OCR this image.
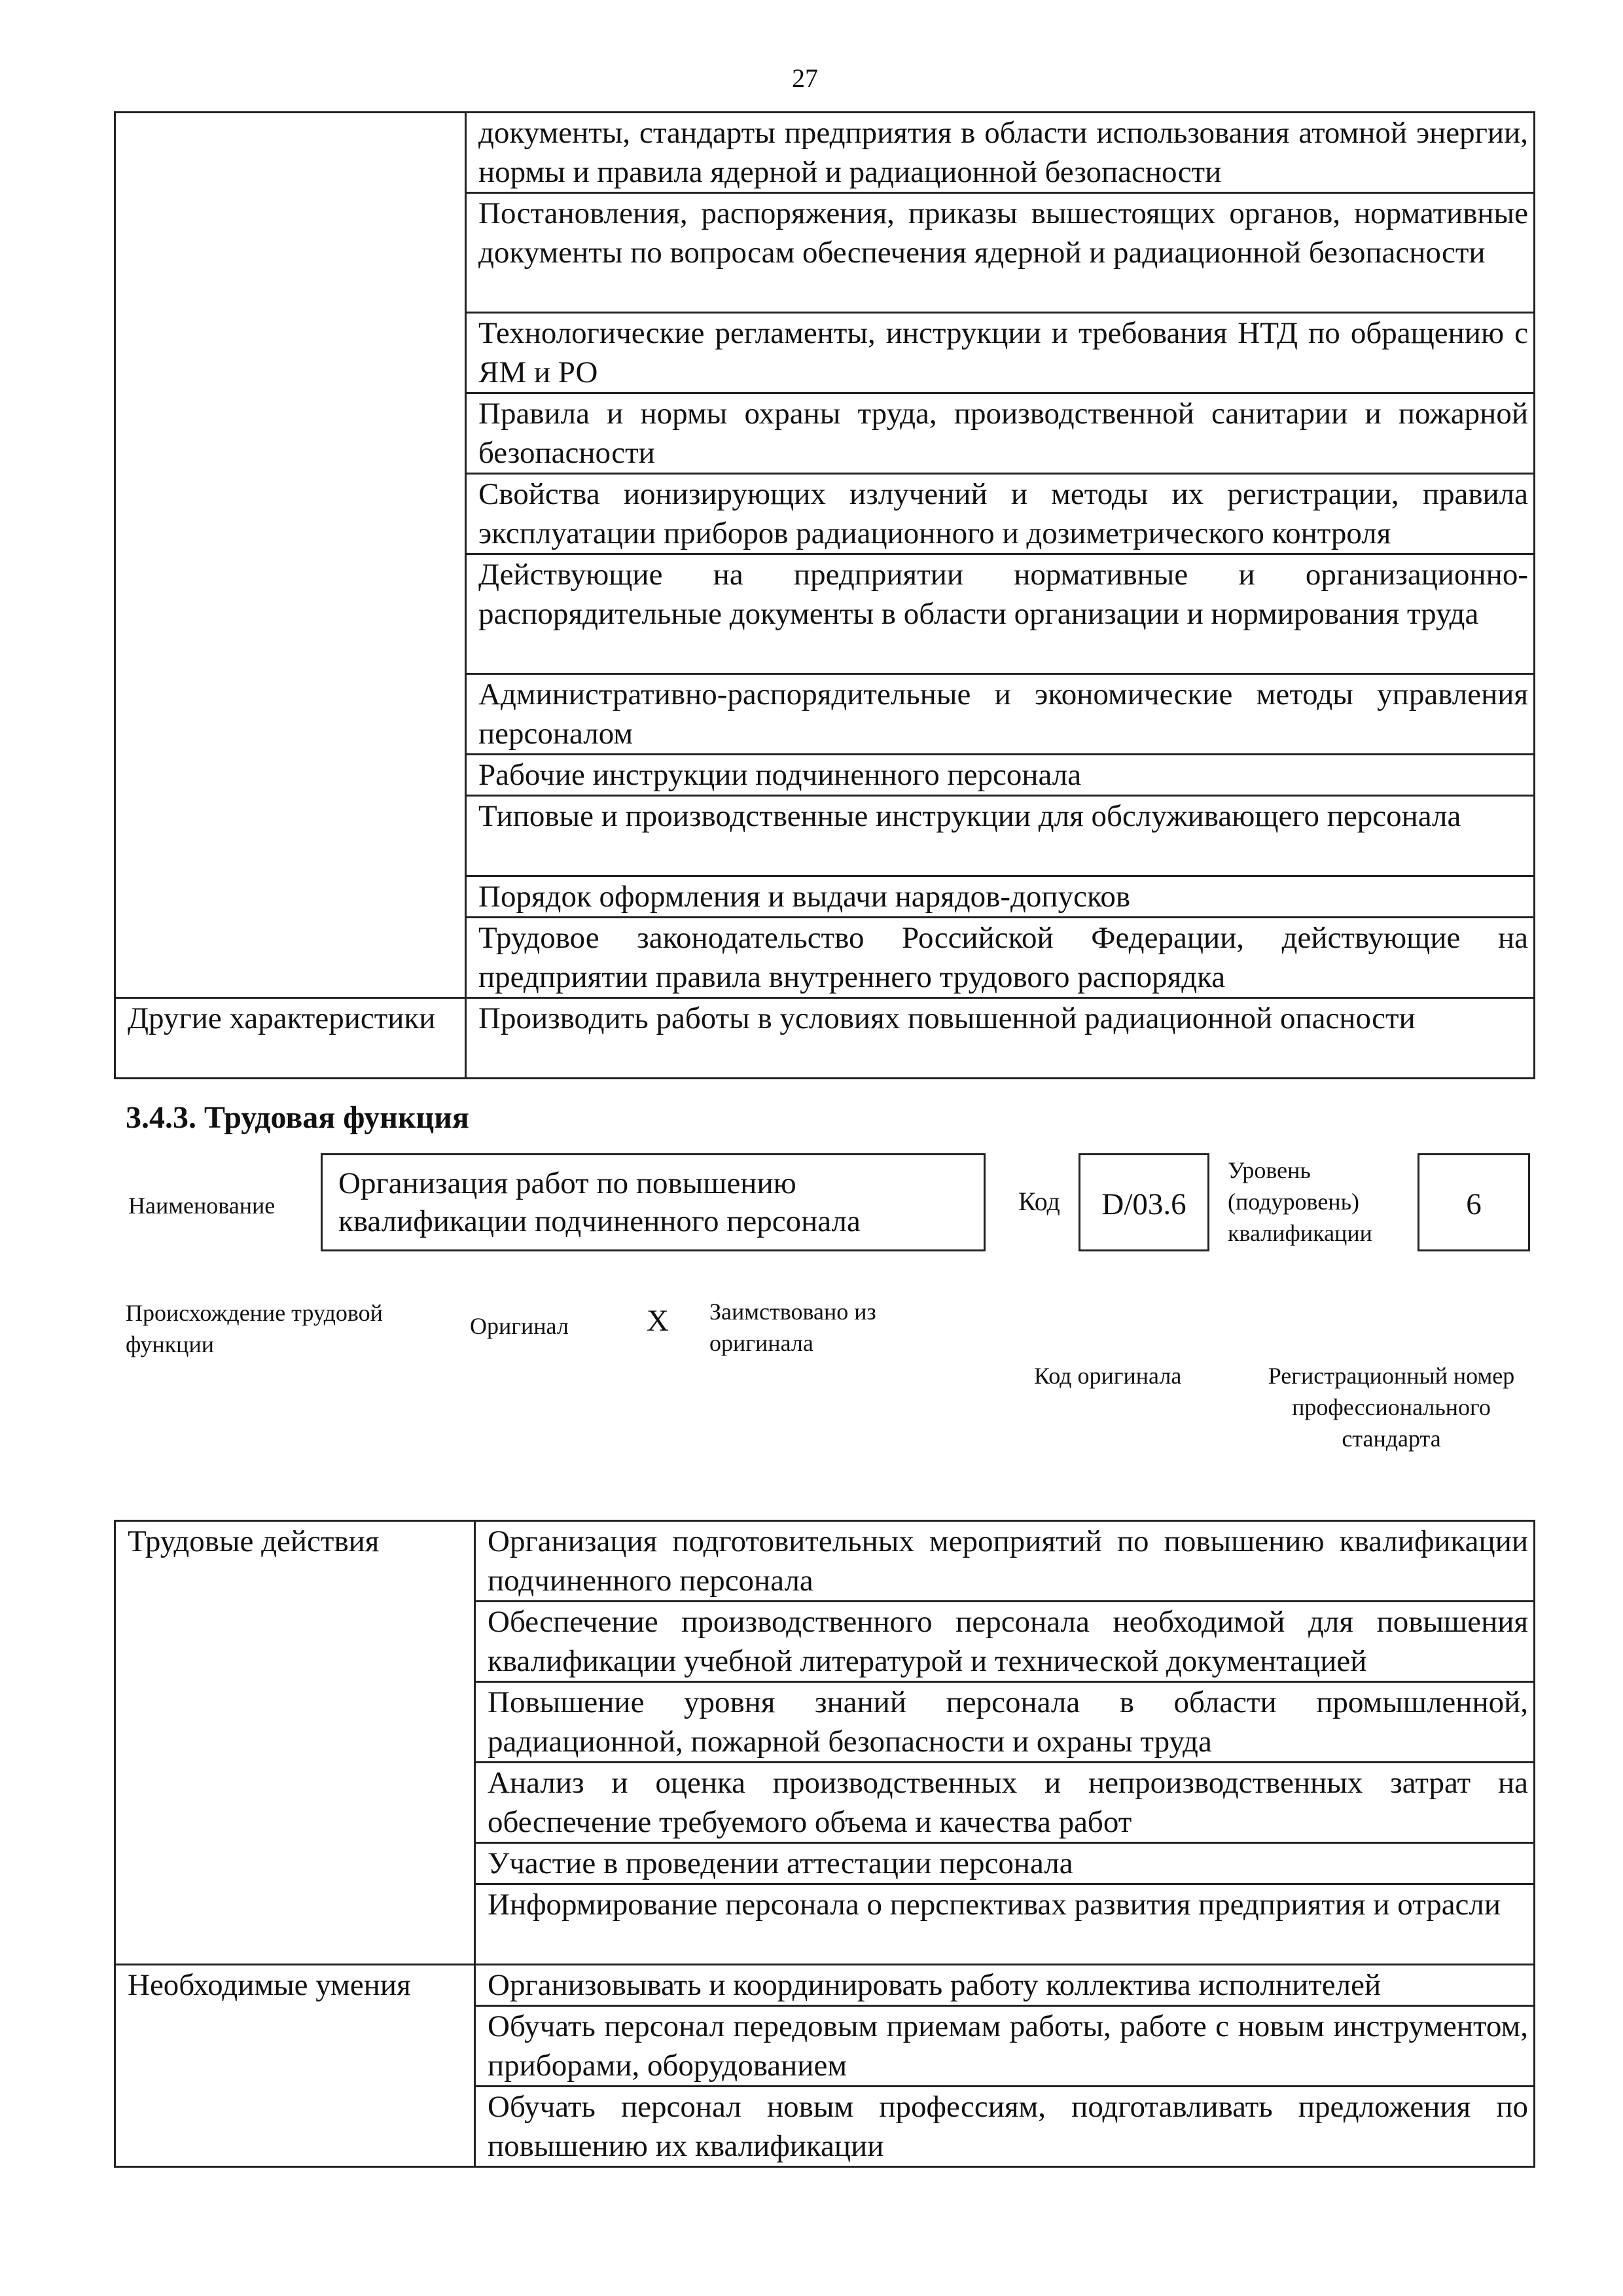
27

	документы, стандарты предприятия в области использования атомной энергии, нормы и правила ядерной и радиационной безопасности

	Постановления, распоряжения, приказы вышестоящих органов, нормативные документы по вопросам обеспечения ядерной и радиационной безопасности

	Технологические регламенты, инструкции и требования НТД по обращению с ЯМ и РО

	Правила и нормы охраны труда, производственной санитарии и пожарной безопасности

	Свойства ионизирующих излучений и методы их регистрации, правила эксплуатации приборов радиационного и дозиметрического контроля

	Действующие на предприятии нормативные и организационно-распорядительные документы в области организации и нормирования труда

	Административно-распорядительные и экономические методы управления персоналом

	Рабочие инструкции подчиненного персонала

	Типовые и производственные инструкции для обслуживающего персонала

	Порядок оформления и выдачи нарядов-допусков

	Трудовое законодательство Российской Федерации, действующие на предприятии правила внутреннего трудового распорядка

Другие характеристики	Производить работы в условиях повышенной радиационной опасности
3.4.3. Трудовая функция
Наименование
Организация работ по повышению квалификации подчиненного персонала
Код	D/03.6
Уровень (подуровень) квалификации
6
Происхождение трудовой функции
Оригинал	X Заимствовано из оригинала
Код оригинала	Регистрационный номер профессионального стандарта
Трудовые действия	Организация подготовительных мероприятий по повышению квалификации подчиненного персонала

	Обеспечение производственного персонала необходимой для повышения квалификации учебной литературой и технической документацией

	Повышение уровня знаний персонала в области промышленной, радиационной, пожарной безопасности и охраны труда

	Анализ и оценка производственных и непроизводственных затрат на обеспечение требуемого объема и качества работ

	Участие в проведении аттестации персонала

	Информирование персонала о перспективах развития предприятия и отрасли

Необходимые умения	Организовывать и координировать работу коллектива исполнителей

	Обучать персонал передовым приемам работы, работе с новым инструментом, приборами, оборудованием

	Обучать персонал новым профессиям, подготавливать предложения по повышению их квалификации
